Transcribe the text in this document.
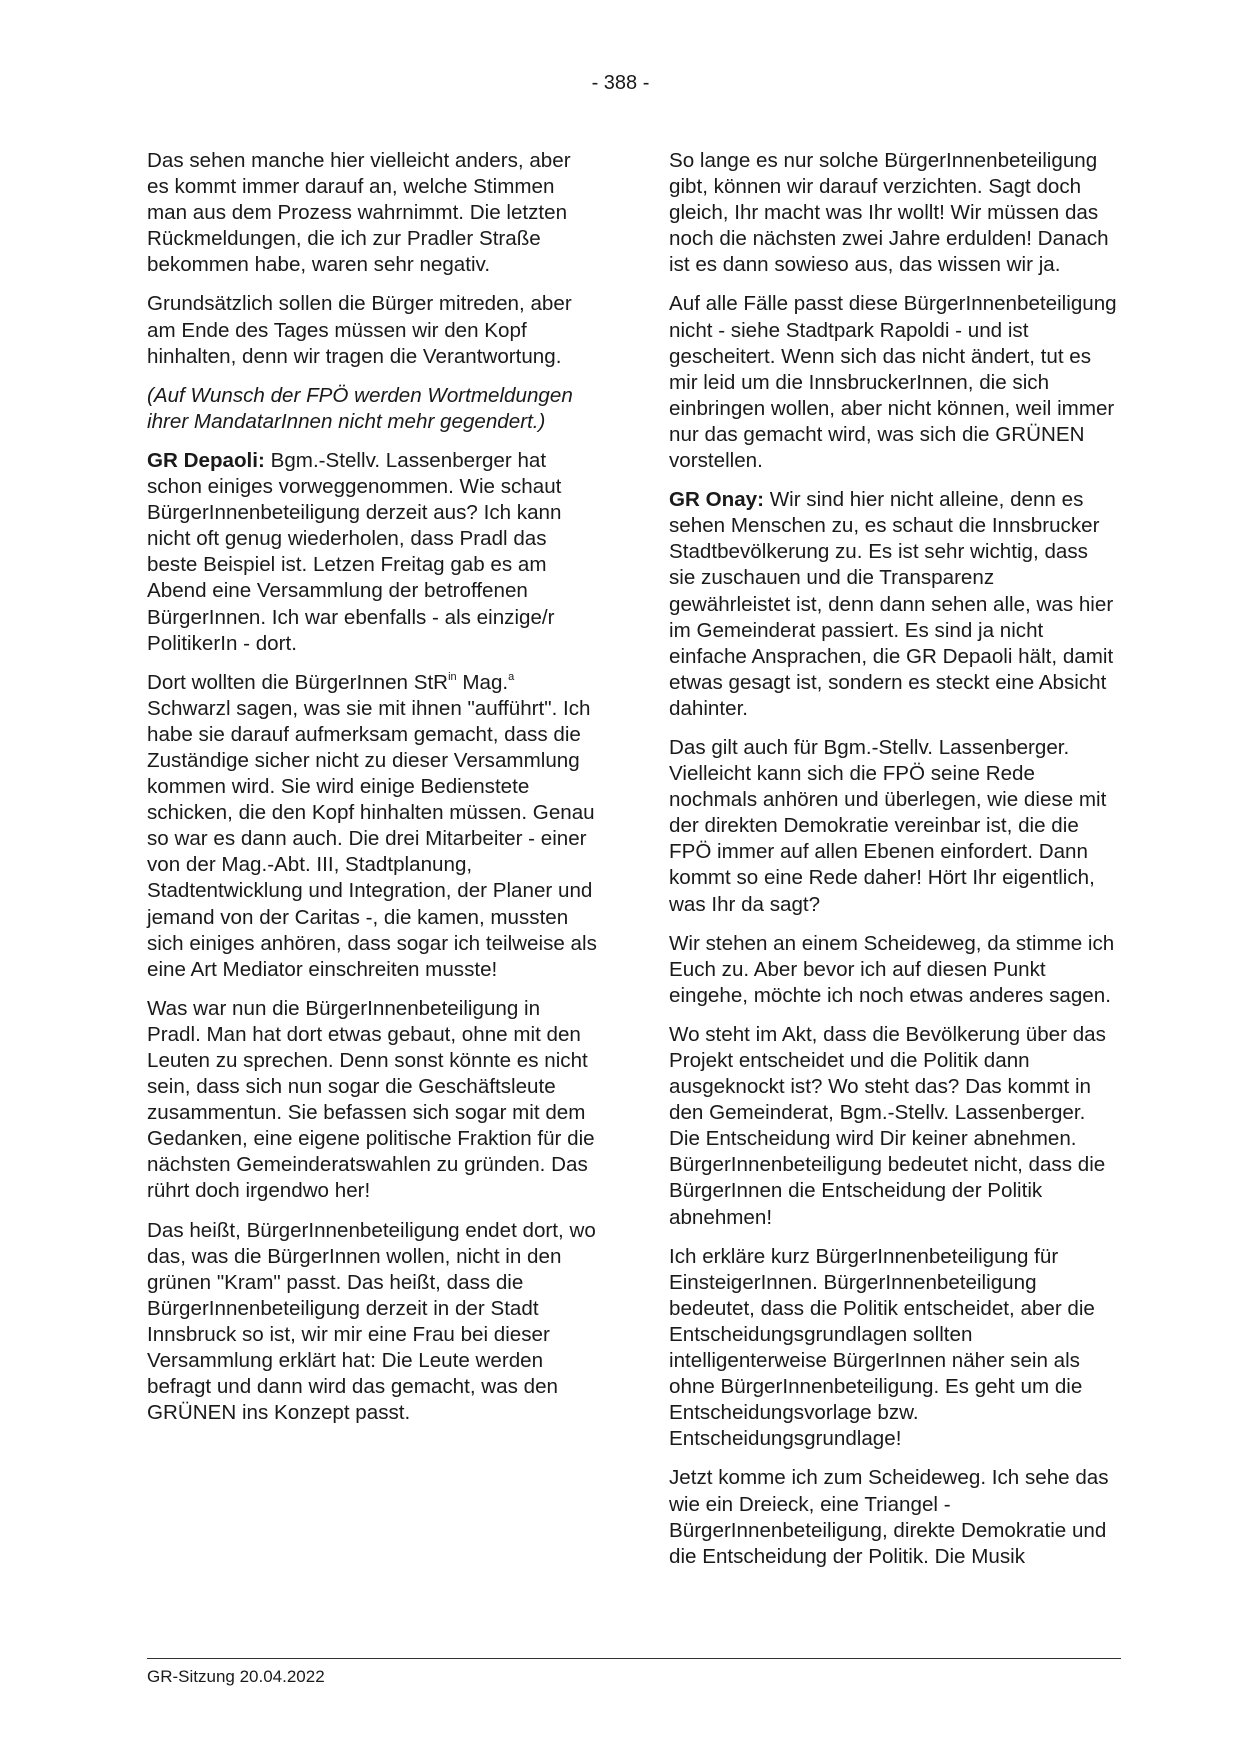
- 388 -

Das sehen manche hier vielleicht anders, aber es kommt immer darauf an, welche Stimmen man aus dem Prozess wahrnimmt. Die letzten Rückmeldungen, die ich zur Pradler Straße bekommen habe, waren sehr negativ.

Grundsätzlich sollen die Bürger mitreden, aber am Ende des Tages müssen wir den Kopf hinhalten, denn wir tragen die Verantwortung.

(Auf Wunsch der FPÖ werden Wortmeldungen ihrer MandatarInnen nicht mehr gegendert.)

GR Depaoli: Bgm.-Stellv. Lassenberger hat schon einiges vorweggenommen. Wie schaut BürgerInnenbeteiligung derzeit aus? Ich kann nicht oft genug wiederholen, dass Pradl das beste Beispiel ist. Letzen Freitag gab es am Abend eine Versammlung der betroffenen BürgerInnen. Ich war ebenfalls - als einzige/r PolitikerIn - dort.

Dort wollten die BürgerInnen StR$^{in}$ Mag.$^a$ Schwarzl sagen, was sie mit ihnen "aufführt". Ich habe sie darauf aufmerksam gemacht, dass die Zuständige sicher nicht zu dieser Versammlung kommen wird. Sie wird einige Bedienstete schicken, die den Kopf hinhalten müssen. Genau so war es dann auch. Die drei Mitarbeiter - einer von der Mag.-Abt. III, Stadtplanung, Stadtentwicklung und Integration, der Planer und jemand von der Caritas -, die kamen, mussten sich einiges anhören, dass sogar ich teilweise als eine Art Mediator einschreiten musste!

Was war nun die BürgerInnenbeteiligung in Pradl. Man hat dort etwas gebaut, ohne mit den Leuten zu sprechen. Denn sonst könnte es nicht sein, dass sich nun sogar die Geschäftsleute zusammentun. Sie befassen sich sogar mit dem Gedanken, eine eigene politische Fraktion für die nächsten Gemeinderatswahlen zu gründen. Das rührt doch irgendwo her!

Das heißt, BürgerInnenbeteiligung endet dort, wo das, was die BürgerInnen wollen, nicht in den grünen "Kram" passt. Das heißt, dass die BürgerInnenbeteiligung derzeit in der Stadt Innsbruck so ist, wir mir eine Frau bei dieser Versammlung erklärt hat: Die Leute werden befragt und dann wird das gemacht, was den GRÜNEN ins Konzept passt.

So lange es nur solche BürgerInnenbeteiligung gibt, können wir darauf verzichten. Sagt doch gleich, Ihr macht was Ihr wollt! Wir müssen das noch die nächsten zwei Jahre erdulden! Danach ist es dann sowieso aus, das wissen wir ja.

Auf alle Fälle passt diese BürgerInnenbeteiligung nicht - siehe Stadtpark Rapoldi - und ist gescheitert. Wenn sich das nicht ändert, tut es mir leid um die InnsbruckerInnen, die sich einbringen wollen, aber nicht können, weil immer nur das gemacht wird, was sich die GRÜNEN vorstellen.

GR Onay: Wir sind hier nicht alleine, denn es sehen Menschen zu, es schaut die Innsbrucker Stadtbevölkerung zu. Es ist sehr wichtig, dass sie zuschauen und die Transparenz gewährleistet ist, denn dann sehen alle, was hier im Gemeinderat passiert. Es sind ja nicht einfache Ansprachen, die GR Depaoli hält, damit etwas gesagt ist, sondern es steckt eine Absicht dahinter.

Das gilt auch für Bgm.-Stellv. Lassenberger. Vielleicht kann sich die FPÖ seine Rede nochmals anhören und überlegen, wie diese mit der direkten Demokratie vereinbar ist, die die FPÖ immer auf allen Ebenen einfordert. Dann kommt so eine Rede daher! Hört Ihr eigentlich, was Ihr da sagt?

Wir stehen an einem Scheideweg, da stimme ich Euch zu. Aber bevor ich auf diesen Punkt eingehe, möchte ich noch etwas anderes sagen.

Wo steht im Akt, dass die Bevölkerung über das Projekt entscheidet und die Politik dann ausgeknockt ist? Wo steht das? Das kommt in den Gemeinderat, Bgm.-Stellv. Lassenberger. Die Entscheidung wird Dir keiner abnehmen. BürgerInnenbeteiligung bedeutet nicht, dass die BürgerInnen die Entscheidung der Politik abnehmen!

Ich erkläre kurz BürgerInnenbeteiligung für EinsteigerInnen. BürgerInnenbeteiligung bedeutet, dass die Politik entscheidet, aber die Entscheidungsgrundlagen sollten intelligenterweise BürgerInnen näher sein als ohne BürgerInnenbeteiligung. Es geht um die Entscheidungsvorlage bzw. Entscheidungsgrundlage!

Jetzt komme ich zum Scheideweg. Ich sehe das wie ein Dreieck, eine Triangel - BürgerInnenbeteiligung, direkte Demokratie und die Entscheidung der Politik. Die Musik

GR-Sitzung 20.04.2022
